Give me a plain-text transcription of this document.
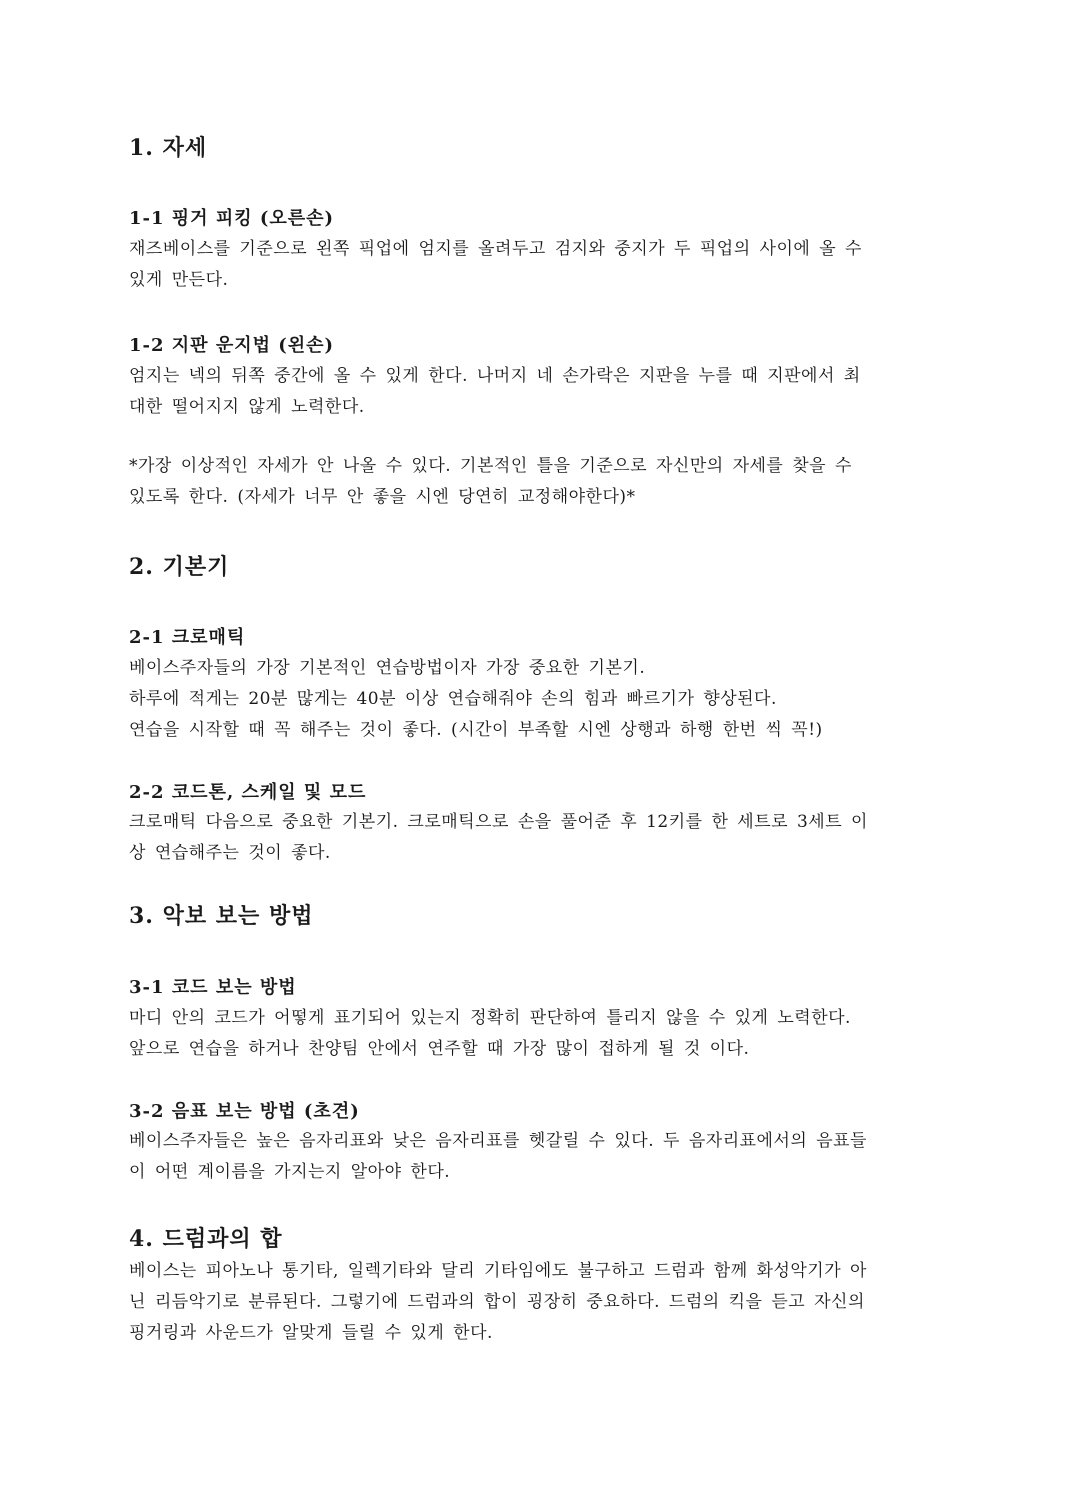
1. 자세
1-1 핑거 피킹 (오른손)

재즈베이스를 기준으로 왼쪽 픽업에 엄지를 올려두고 검지와 중지가 두 픽업의 사이에 올 수
있게 만든다.

1-2 지판 운지법 (왼손)

엄지는 넥의 뒤쪽 중간에 올 수 있게 한다. 나머지 네 손가락은 지판을 누를 때 지판에서 최
대한 떨어지지 않게 노력한다.

*가장 이상적인 자세가 안 나올 수 있다. 기본적인 틀을 기준으로 자신만의 자세를 찾을 수
있도록 한다. (자세가 너무 안 좋을 시엔 당연히 교정해야한다)*

2. 기본기
2-1 크로매틱

베이스주자들의 가장 기본적인 연습방법이자 가장 중요한 기본기.
하루에 적게는 20분 많게는 40분 이상 연습해줘야 손의 힘과 빠르기가 향상된다.
연습을 시작할 때 꼭 해주는 것이 좋다. (시간이 부족할 시엔 상행과 하행 한번 씩 꼭!)

2-2 코드톤, 스케일 및 모드

크로매틱 다음으로 중요한 기본기. 크로매틱으로 손을 풀어준 후 12키를 한 세트로 3세트 이
상 연습해주는 것이 좋다.

3. 악보 보는 방법
3-1 코드 보는 방법

마디 안의 코드가 어떻게 표기되어 있는지 정확히 판단하여 틀리지 않을 수 있게 노력한다.
앞으로 연습을 하거나 찬양팀 안에서 연주할 때 가장 많이 접하게 될 것 이다.

3-2 음표 보는 방법 (초견)

베이스주자들은 높은 음자리표와 낮은 음자리표를 헷갈릴 수 있다. 두 음자리표에서의 음표들
이 어떤 계이름을 가지는지 알아야 한다.

4. 드럼과의 합

베이스는 피아노나 통기타, 일렉기타와 달리 기타임에도 불구하고 드럼과 함께 화성악기가 아
닌 리듬악기로 분류된다. 그렇기에 드럼과의 합이 굉장히 중요하다. 드럼의 킥을 듣고 자신의
핑거링과 사운드가 알맞게 들릴 수 있게 한다.
